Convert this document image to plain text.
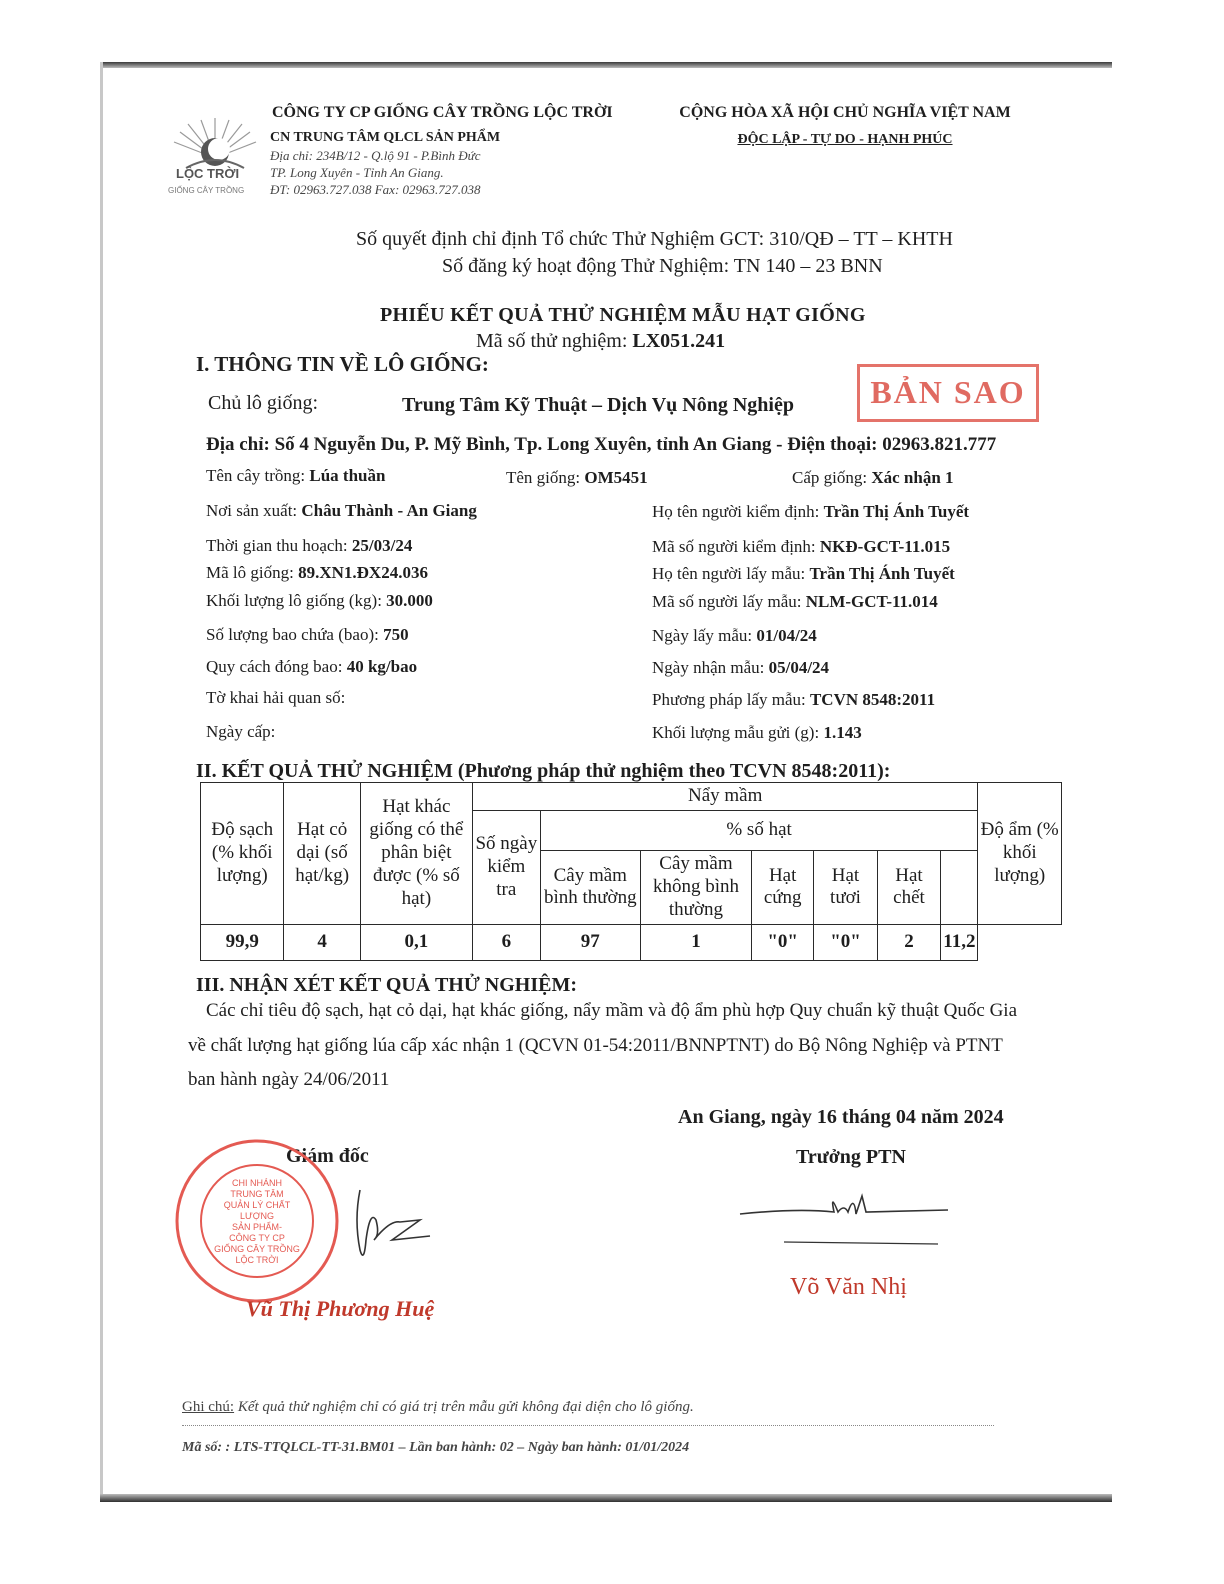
LỘC TRỜI
GIỐNG CÂY TRỒNG
CÔNG TY CP GIỐNG CÂY TRỒNG LỘC TRỜI
CN TRUNG TÂM QLCL SẢN PHẨM
Địa chỉ: 234B/12 - Q.lộ 91 - P.Bình Đức
TP. Long Xuyên - Tỉnh An Giang.
ĐT: 02963.727.038 Fax: 02963.727.038
CỘNG HÒA XÃ HỘI CHỦ NGHĨA VIỆT NAM
ĐỘC LẬP - TỰ DO - HẠNH PHÚC
Số quyết định chỉ định Tổ chức Thử Nghiệm GCT: 310/QĐ – TT – KHTH
Số đăng ký hoạt động Thử Nghiệm: TN 140 – 23 BNN
PHIẾU KẾT QUẢ THỬ NGHIỆM MẪU HẠT GIỐNG
Mã số thử nghiệm: LX051.241
I. THÔNG TIN VỀ LÔ GIỐNG:
Chủ lô giống:	Trung Tâm Kỹ Thuật – Dịch Vụ Nông Nghiệp	BẢN SAO
Địa chỉ: Số 4 Nguyễn Du, P. Mỹ Bình, Tp. Long Xuyên, tỉnh An Giang - Điện thoại: 02963.821.777
Tên cây trồng: Lúa thuần	Tên giống: OM5451	Cấp giống: Xác nhận 1
Nơi sản xuất: Châu Thành - An Giang
Thời gian thu hoạch: 25/03/24
Mã lô giống: 89.XN1.ĐX24.036
Khối lượng lô giống (kg): 30.000
Số lượng bao chứa (bao): 750
Quy cách đóng bao: 40 kg/bao
Tờ khai hải quan số:
Ngày cấp:
Họ tên người kiểm định: Trần Thị Ánh Tuyết
Mã số người kiểm định: NKĐ-GCT-11.015
Họ tên người lấy mẫu: Trần Thị Ánh Tuyết
Mã số người lấy mẫu: NLM-GCT-11.014
Ngày lấy mẫu: 01/04/24
Ngày nhận mẫu: 05/04/24
Phương pháp lấy mẫu: TCVN 8548:2011
Khối lượng mẫu gửi (g): 1.143
II. KẾT QUẢ THỬ NGHIỆM (Phương pháp thử nghiệm theo TCVN 8548:2011):
Độ sạch (% khối lượng)	Hạt cỏ dại (số hạt/kg)	Hạt khác giống có thể phân biệt được (% số hạt)	Nẩy mầm							Độ ẩm (% khối lượng)
			Số ngày kiểm tra	% số hạt						
				Cây mầm bình thường	Cây mầm không bình thường	Hạt cứng	Hạt tươi	Hạt chết		
99,9	4	0,1	6	97	1	"0"	"0"	2	11,2	
III. NHẬN XÉT KẾT QUẢ THỬ NGHIỆM:
Các chỉ tiêu độ sạch, hạt cỏ dại, hạt khác giống, nẩy mầm và độ ẩm phù hợp Quy chuẩn kỹ thuật Quốc Gia
về chất lượng hạt giống lúa cấp xác nhận 1 (QCVN 01-54:2011/BNNPTNT) do Bộ Nông Nghiệp và PTNT
ban hành ngày 24/06/2011
An Giang, ngày 16 tháng 04 năm 2024
Giám đốc	Trưởng PTN
CHI NHÁNH
TRUNG TÂM
QUẢN LÝ CHẤT LƯỢNG
SẢN PHẨM-
CÔNG TY CP
GIỐNG CÂY TRỒNG
LỘC TRỜI
Vũ Thị Phương Huệ
Võ Văn Nhị
Ghi chú: Kết quả thử nghiệm chỉ có giá trị trên mẫu gửi không đại diện cho lô giống.
Mã số: : LTS-TTQLCL-TT-31.BM01 – Lần ban hành: 02 – Ngày ban hành: 01/01/2024
